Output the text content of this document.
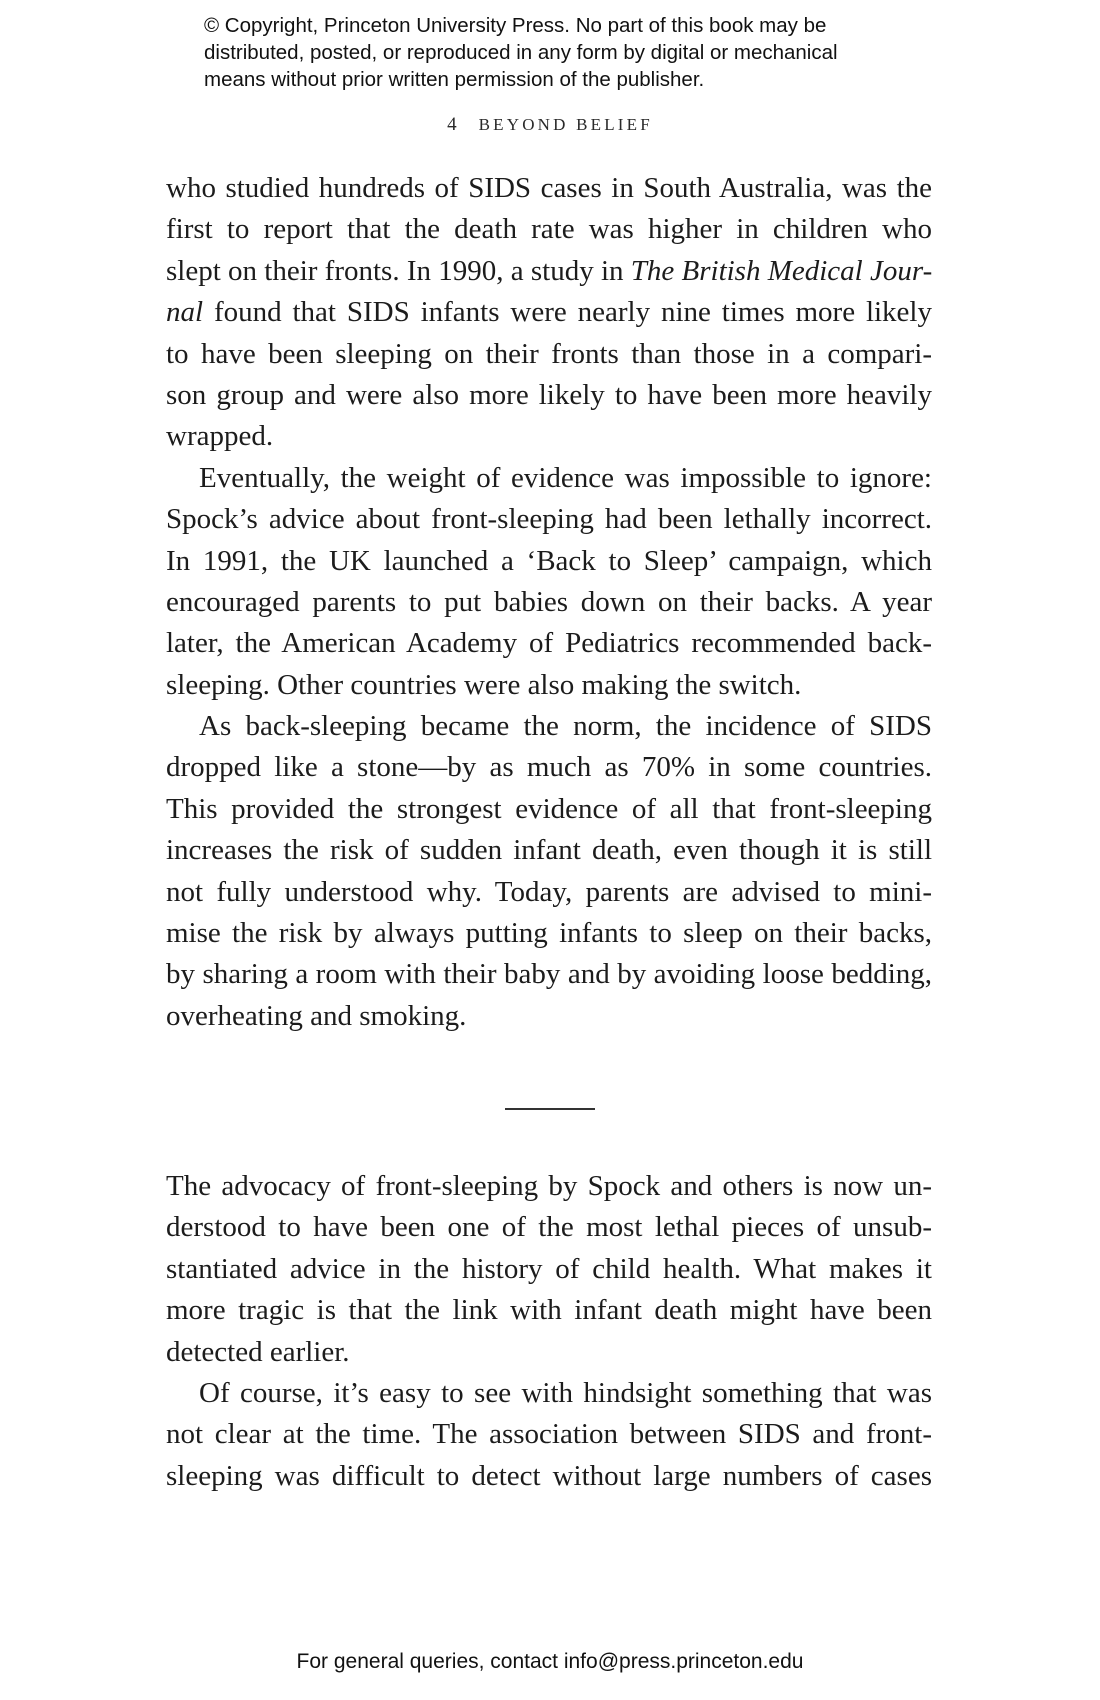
© Copyright, Princeton University Press. No part of this book may be
distributed, posted, or reproduced in any form by digital or mechanical
means without prior written permission of the publisher.
4 BEYOND BELIEF
who studied hundreds of SIDS cases in South Australia, was the
first to report that the death rate was higher in children who
slept on their fronts. In 1990, a study in The British Medical Jour-
nal found that SIDS infants were nearly nine times more likely
to have been sleeping on their fronts than those in a compari-
son group and were also more likely to have been more heavily
wrapped.
Eventually, the weight of evidence was impossible to ignore:
Spock’s advice about front-sleeping had been lethally incorrect.
In 1991, the UK launched a ‘Back to Sleep’ campaign, which
encouraged parents to put babies down on their backs. A year
later, the American Academy of Pediatrics recommended back-
sleeping. Other countries were also making the switch.
As back-sleeping became the norm, the incidence of SIDS
dropped like a stone—by as much as 70% in some countries.
This provided the strongest evidence of all that front-sleeping
increases the risk of sudden infant death, even though it is still
not fully understood why. Today, parents are advised to mini-
mise the risk by always putting infants to sleep on their backs,
by sharing a room with their baby and by avoiding loose bedding,
overheating and smoking.
The advocacy of front-sleeping by Spock and others is now un-
derstood to have been one of the most lethal pieces of unsub-
stantiated advice in the history of child health. What makes it
more tragic is that the link with infant death might have been
detected earlier.
Of course, it’s easy to see with hindsight something that was
not clear at the time. The association between SIDS and front-
sleeping was difficult to detect without large numbers of cases
For general queries, contact info@press.princeton.edu
